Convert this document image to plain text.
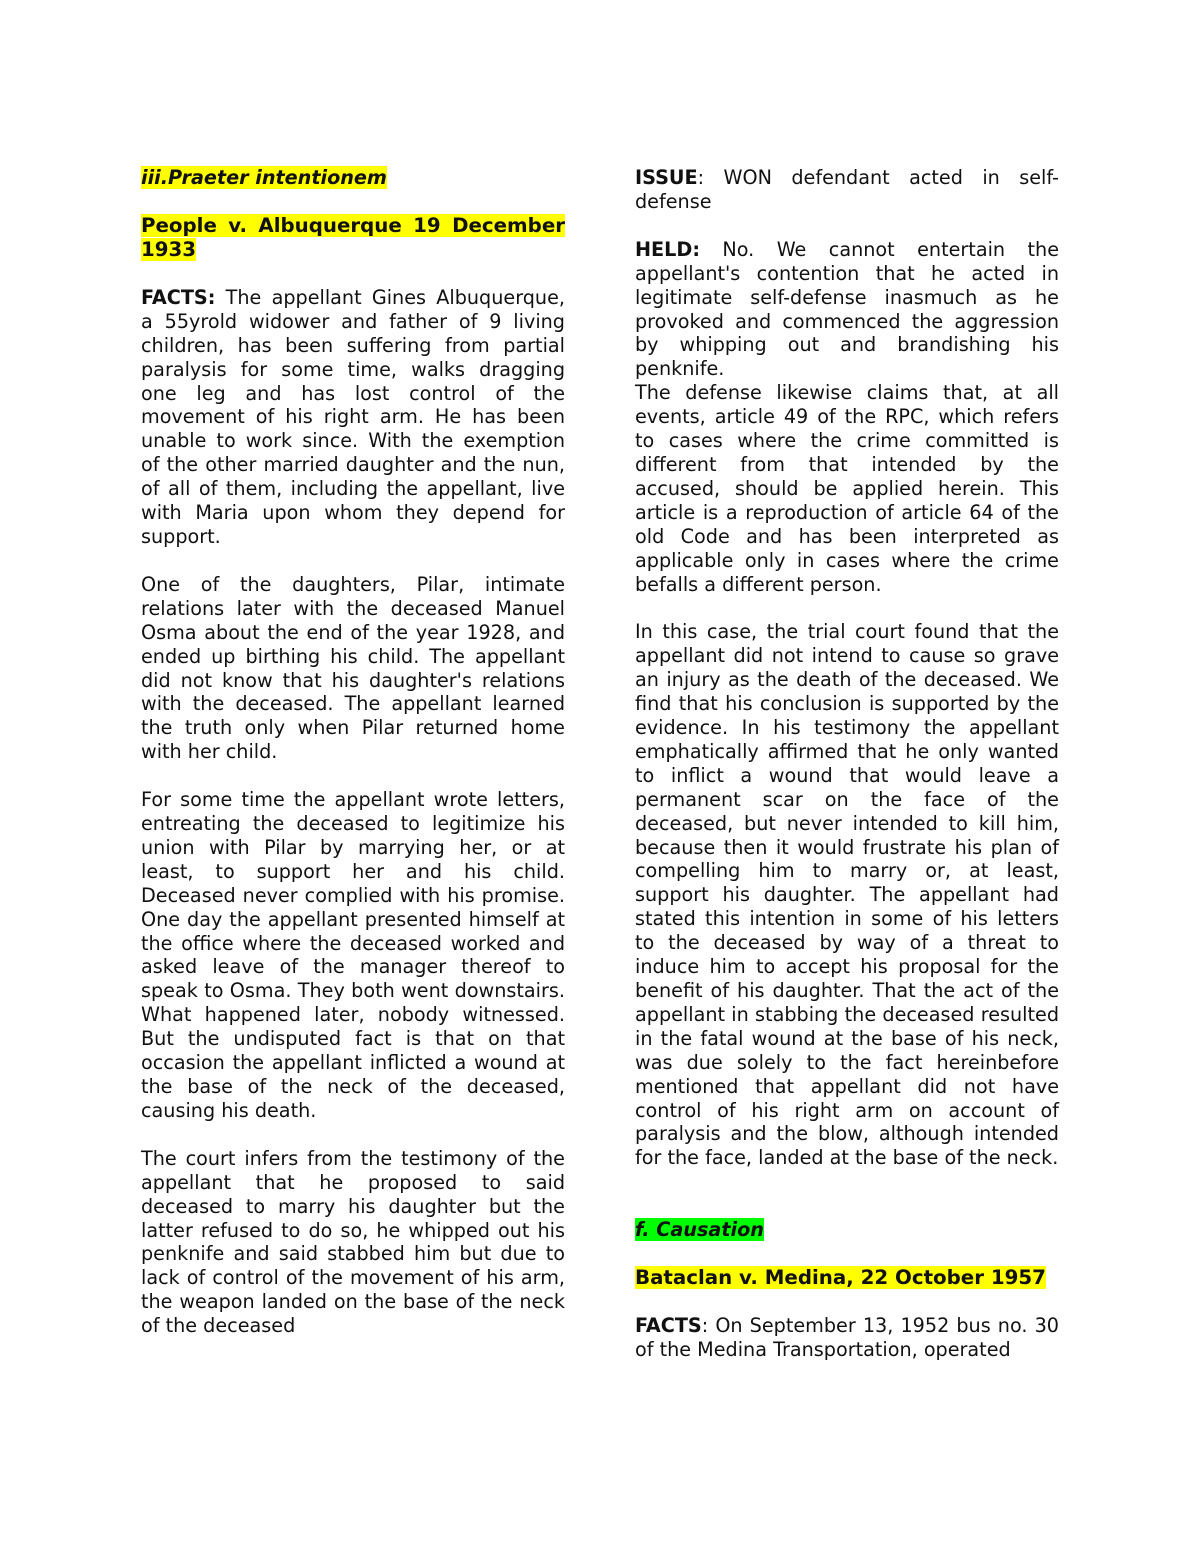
iii.Praeter intentionem

People v. Albuquerque 19 December 1933

FACTS: The appellant Gines Albuquerque, a 55yrold widower and father of 9 living children, has been suffering from partial paralysis for some time, walks dragging one leg and has lost control of the movement of his right arm. He has been unable to work since. With the exemption of the other married daughter and the nun, of all of them, including the appellant, live with Maria upon whom they depend for support.

One of the daughters, Pilar, intimate relations later with the deceased Manuel Osma about the end of the year 1928, and ended up birthing his child. The appellant did not know that his daughter's relations with the deceased. The appellant learned the truth only when Pilar returned home with her child.

For some time the appellant wrote letters, entreating the deceased to legitimize his union with Pilar by marrying her, or at least, to support her and his child. Deceased never complied with his promise. One day the appellant presented himself at the office where the deceased worked and asked leave of the manager thereof to speak to Osma. They both went downstairs. What happened later, nobody witnessed. But the undisputed fact is that on that occasion the appellant inflicted a wound at the base of the neck of the deceased, causing his death.

The court infers from the testimony of the appellant that he proposed to said deceased to marry his daughter but the latter refused to do so, he whipped out his penknife and said stabbed him but due to lack of control of the movement of his arm, the weapon landed on the base of the neck of the deceased

ISSUE: WON defendant acted in self-defense

HELD: No. We cannot entertain the appellant's contention that he acted in legitimate self-defense inasmuch as he provoked and commenced the aggression by whipping out and brandishing his penknife.

The defense likewise claims that, at all events, article 49 of the RPC, which refers to cases where the crime committed is different from that intended by the accused, should be applied herein. This article is a reproduction of article 64 of the old Code and has been interpreted as applicable only in cases where the crime befalls a different person.

In this case, the trial court found that the appellant did not intend to cause so grave an injury as the death of the deceased. We find that his conclusion is supported by the evidence. In his testimony the appellant emphatically affirmed that he only wanted to inflict a wound that would leave a permanent scar on the face of the deceased, but never intended to kill him, because then it would frustrate his plan of compelling him to marry or, at least, support his daughter. The appellant had stated this intention in some of his letters to the deceased by way of a threat to induce him to accept his proposal for the benefit of his daughter. That the act of the appellant in stabbing the deceased resulted in the fatal wound at the base of his neck, was due solely to the fact hereinbefore mentioned that appellant did not have control of his right arm on account of paralysis and the blow, although intended for the face, landed at the base of the neck.

f. Causation

Bataclan v. Medina, 22 October 1957

FACTS: On September 13, 1952 bus no. 30 of the Medina Transportation, operated
